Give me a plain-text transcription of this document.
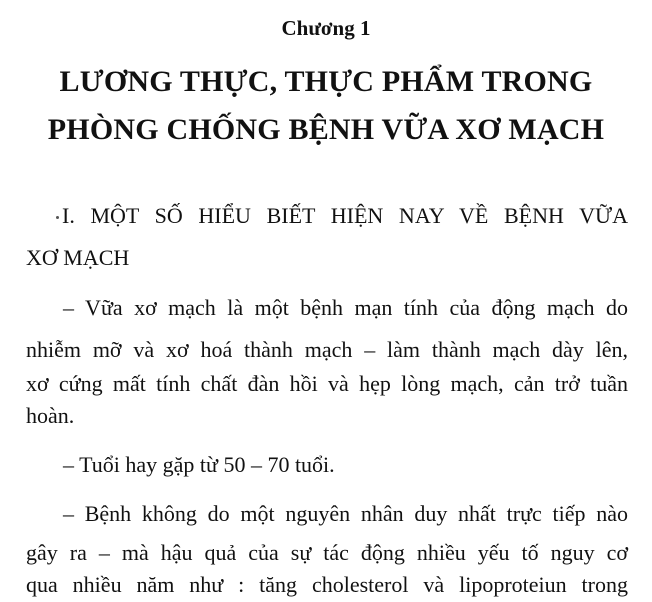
Chương 1
LƯƠNG THỰC, THỰC PHẨM TRONG
PHÒNG CHỐNG BỆNH VỮA XƠ MẠCH
I. MỘT SỐ HIỂU BIẾT HIỆN NAY VỀ BỆNH VỮA
XƠ MẠCH
– Vữa xơ mạch là một bệnh mạn tính của động mạch do
nhiễm mỡ và xơ hoá thành mạch – làm thành mạch dày lên,
xơ cứng mất tính chất đàn hồi và hẹp lòng mạch, cản trở tuần
hoàn.
– Tuổi hay gặp từ 50 – 70 tuổi.
– Bệnh không do một nguyên nhân duy nhất trực tiếp nào
gây ra – mà hậu quả của sự tác động nhiều yếu tố nguy cơ
qua nhiều năm như : tăng cholesterol và lipoproteiun trong
